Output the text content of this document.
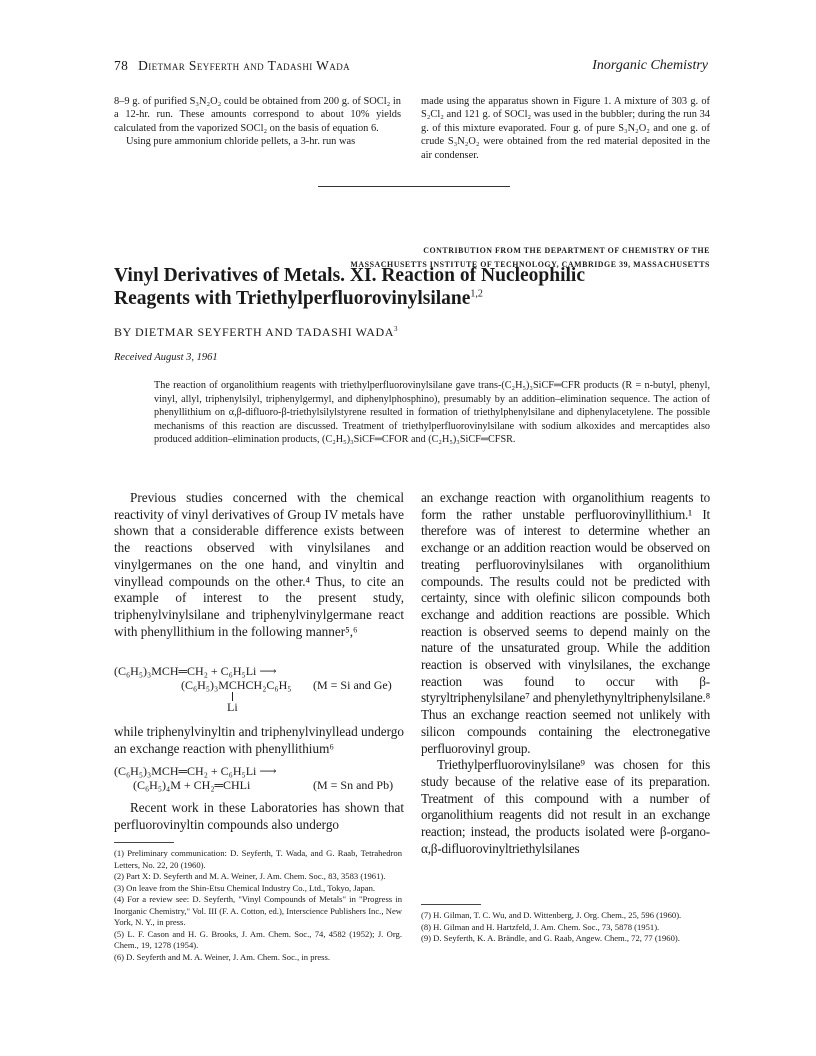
78 Dietmar Seyferth and Tadashi Wada	Inorganic Chemistry

8–9 g. of purified S₃N₂O₂ could be obtained from 200 g. of SOCl₂ in a 12-hr. run. These amounts correspond to about 10% yields calculated from the vaporized SOCl₂ on the basis of equation 6.

Using pure ammonium chloride pellets, a 3-hr. run was

made using the apparatus shown in Figure 1. A mixture of 303 g. of S₂Cl₂ and 121 g. of SOCl₂ was used in the bubbler; during the run 34 g. of this mixture evaporated. Four g. of pure S₃N₂O₂ and one g. of crude S₃N₂O₂ were obtained from the red material deposited in the air condenser.

CONTRIBUTION FROM THE DEPARTMENT OF CHEMISTRY OF THE
MASSACHUSETTS INSTITUTE OF TECHNOLOGY, CAMBRIDGE 39, MASSACHUSETTS
Vinyl Derivatives of Metals. XI. Reaction of Nucleophilic
Reagents with Triethylperfluorovinylsilane$^{1,2}$
BY DIETMAR SEYFERTH AND TADASHI WADA$^3$
Received August 3, 1961
The reaction of organolithium reagents with triethylperfluorovinylsilane gave trans-(C₂H₅)₃SiCF═CFR products (R = n-butyl, phenyl, vinyl, allyl, triphenylsilyl, triphenylgermyl, and diphenylphosphino), presumably by an addition–elimination sequence. The action of phenyllithium on α,β-difluoro-β-triethylsilylstyrene resulted in formation of triethylphenylsilane and diphenylacetylene. The possible mechanisms of this reaction are discussed. Treatment of triethylperfluorovinylsilane with sodium alkoxides and mercaptides also produced addition–elimination products, (C₂H₅)₃SiCF═CFOR and (C₂H₅)₃SiCF═CFSR.

Previous studies concerned with the chemical reactivity of vinyl derivatives of Group IV metals have shown that a considerable difference exists between the reactions observed with vinylsilanes and vinylgermanes on the one hand, and vinyltin and vinyllead compounds on the other.⁴ Thus, to cite an example of interest to the present study, triphenylvinylsilane and triphenylvinylgermane react with phenyllithium in the following manner⁵,⁶

(C₆H₅)₃MCH═CH₂ + C₆H₅Li ⟶
(C₆H₅)₃MCHCH₂C₆H₅ (M = Si and Ge)
Li

while triphenylvinyltin and triphenylvinyllead undergo an exchange reaction with phenyllithium⁶

(C₆H₅)₃MCH═CH₂ + C₆H₅Li ⟶
(C₆H₅)₄M + CH₂═CHLi	(M = Sn and Pb)

Recent work in these Laboratories has shown that perfluorovinyltin compounds also undergo

an exchange reaction with organolithium reagents to form the rather unstable perfluorovinyllithium.¹ It therefore was of interest to determine whether an exchange or an addition reaction would be observed on treating perfluorovinylsilanes with organolithium compounds. The results could not be predicted with certainty, since with olefinic silicon compounds both exchange and addition reactions are possible. Which reaction is observed seems to depend mainly on the nature of the unsaturated group. While the addition reaction is observed with vinylsilanes, the exchange reaction was found to occur with β-styryltriphenylsilane⁷ and phenylethynyltriphenylsilane.⁸ Thus an exchange reaction seemed not unlikely with silicon compounds containing the electronegative perfluorovinyl group.

Triethylperfluorovinylsilane⁹ was chosen for this study because of the relative ease of its preparation. Treatment of this compound with a number of organolithium reagents did not result in an exchange reaction; instead, the products isolated were β-organo-α,β-difluorovinyltriethylsilanes

(1) Preliminary communication: D. Seyferth, T. Wada, and G. Raab, Tetrahedron Letters, No. 22, 20 (1960).

(2) Part X: D. Seyferth and M. A. Weiner, J. Am. Chem. Soc., 83, 3583 (1961).

(3) On leave from the Shin-Etsu Chemical Industry Co., Ltd., Tokyo, Japan.

(4) For a review see: D. Seyferth, "Vinyl Compounds of Metals" in "Progress in Inorganic Chemistry," Vol. III (F. A. Cotton, ed.), Interscience Publishers Inc., New York, N. Y., in press.

(5) L. F. Cason and H. G. Brooks, J. Am. Chem. Soc., 74, 4582 (1952); J. Org. Chem., 19, 1278 (1954).

(6) D. Seyferth and M. A. Weiner, J. Am. Chem. Soc., in press.

(7) H. Gilman, T. C. Wu, and D. Wittenberg, J. Org. Chem., 25, 596 (1960).

(8) H. Gilman and H. Hartzfeld, J. Am. Chem. Soc., 73, 5878 (1951).

(9) D. Seyferth, K. A. Brändle, and G. Raab, Angew. Chem., 72, 77 (1960).
